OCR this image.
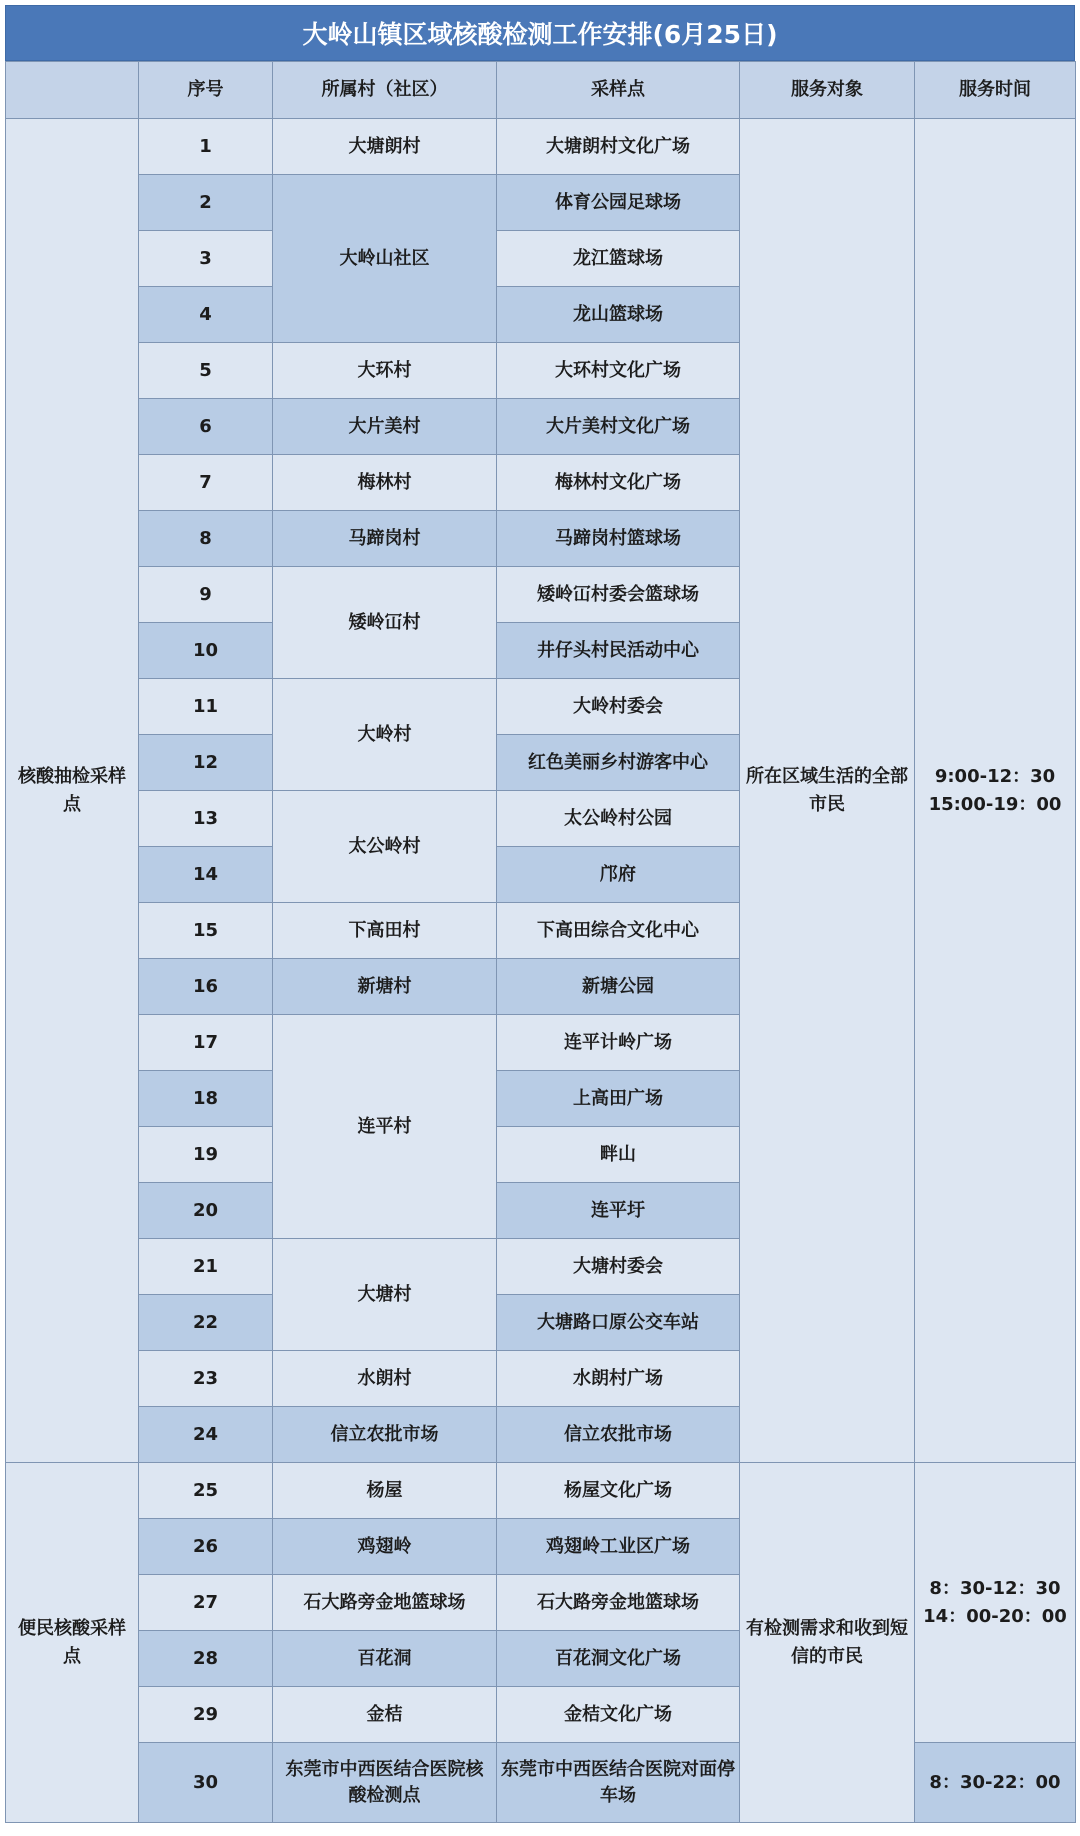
大岭山镇区域核酸检测工作安排(6月25日)
	序号	所属村（社区）	采样点	服务对象	服务时间
核酸抽检采样点	1	大塘朗村	大塘朗村文化广场	所在区域生活的全部市民	9:00-12：30
15:00-19：00

	2	大岭山社区	体育公园足球场		
	3		龙江篮球场		
	4		龙山篮球场		
	5	大环村	大环村文化广场		
	6	大片美村	大片美村文化广场		
	7	梅林村	梅林村文化广场		
	8	马蹄岗村	马蹄岗村篮球场		
	9	矮岭冚村	矮岭冚村委会篮球场		
	10		井仔头村民活动中心		
	11	大岭村	大岭村委会		
	12		红色美丽乡村游客中心		
	13	太公岭村	太公岭村公园		
	14		邝府		
	15	下高田村	下高田综合文化中心		
	16	新塘村	新塘公园		
	17	连平村	连平计岭广场		
	18		上高田广场		
	19		畔山		
	20		连平圩		
	21	大塘村	大塘村委会		
	22		大塘路口原公交车站		
	23	水朗村	水朗村广场		
	24	信立农批市场	信立农批市场		
便民核酸采样点	25	杨屋	杨屋文化广场	有检测需求和收到短信的市民	8：30-12：30
14：00-20：00

	26	鸡翅岭	鸡翅岭工业区广场		
	27	石大路旁金地篮球场	石大路旁金地篮球场		
	28	百花洞	百花洞文化广场		
	29	金桔	金桔文化广场		
	30	东莞市中西医结合医院核酸检测点	东莞市中西医结合医院对面停车场		8：30-22：00
